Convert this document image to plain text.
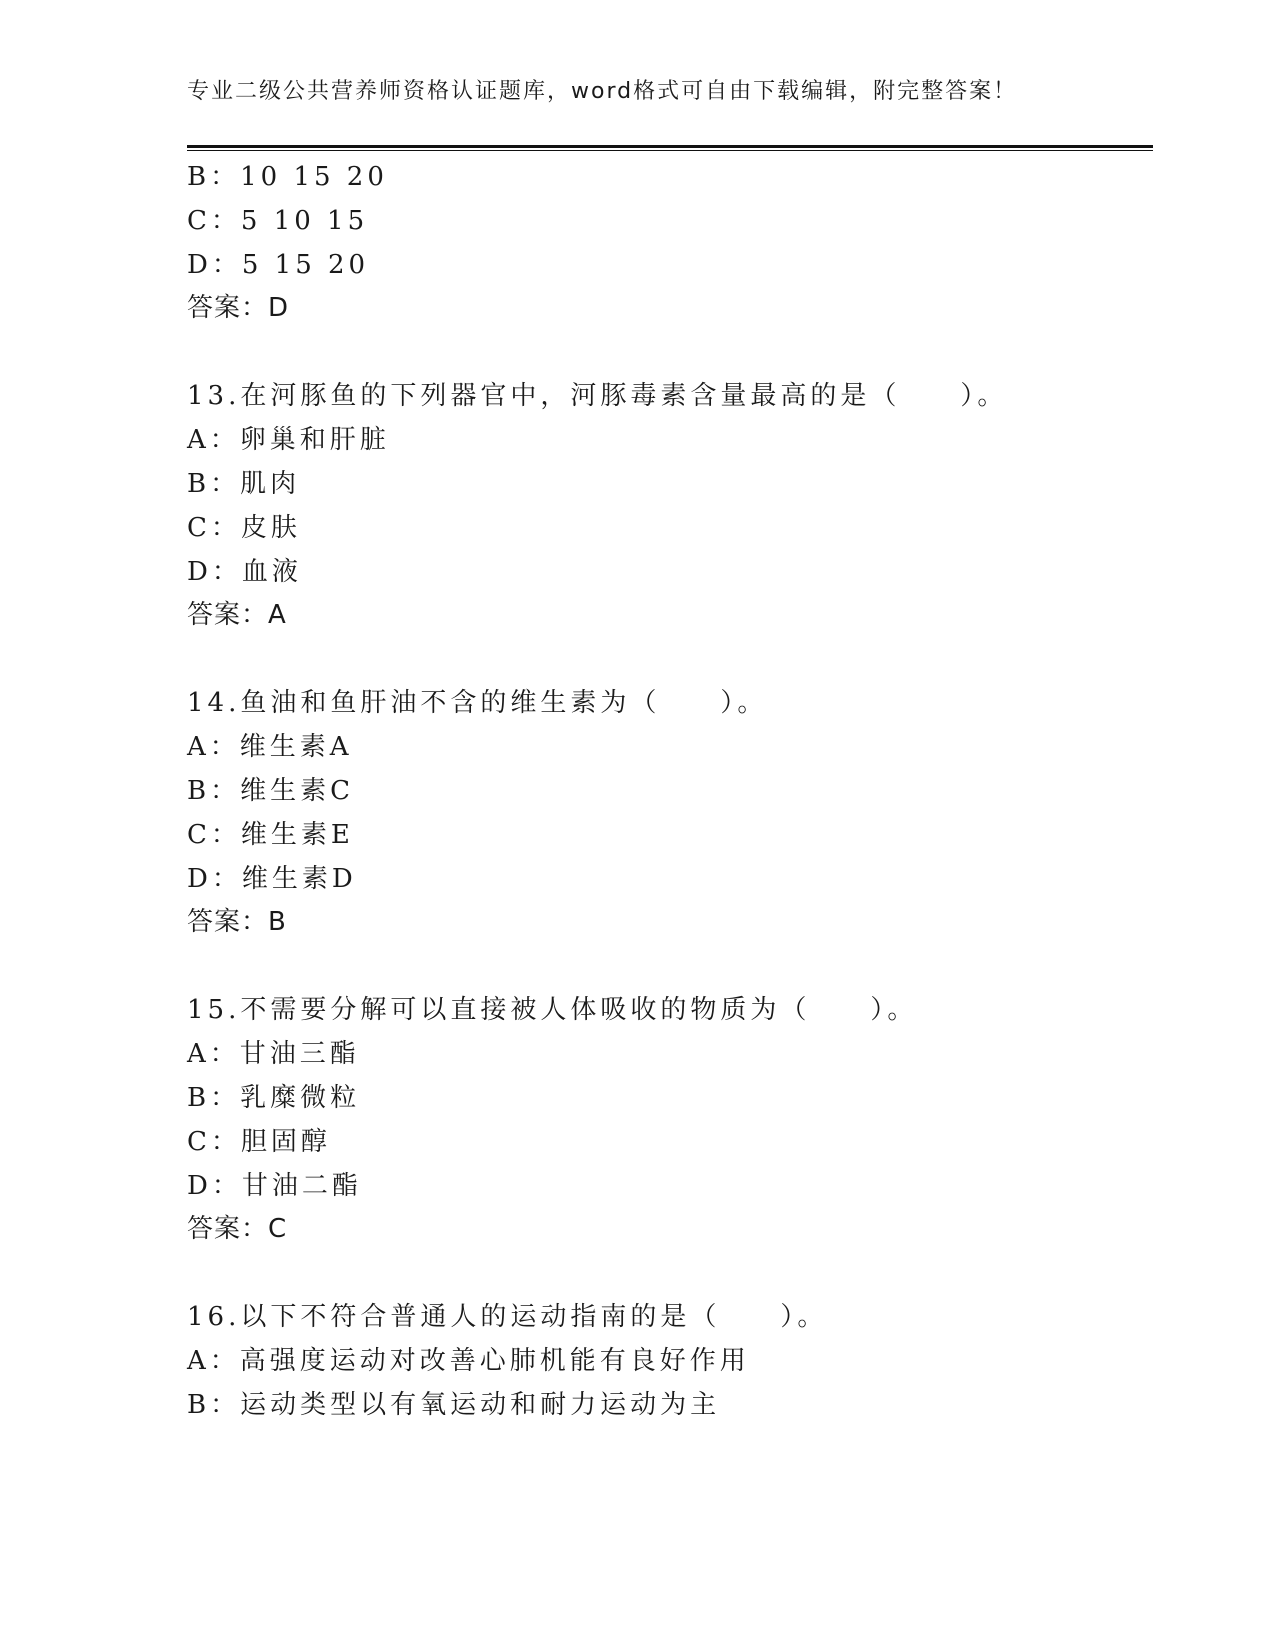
专业二级公共营养师资格认证题库，word格式可自由下载编辑，附完整答案！
B：10 15 20
C：5 10 15
D：5 15 20
答案：D
13.在河豚鱼的下列器官中，河豚毒素含量最高的是（　　）。
A：卵巢和肝脏
B：肌肉
C：皮肤
D：血液
答案：A
14.鱼油和鱼肝油不含的维生素为（　　）。
A：维生素A
B：维生素C
C：维生素E
D：维生素D
答案：B
15.不需要分解可以直接被人体吸收的物质为（　　）。
A：甘油三酯
B：乳糜微粒
C：胆固醇
D：甘油二酯
答案：C
16.以下不符合普通人的运动指南的是（　　）。
A：高强度运动对改善心肺机能有良好作用
B：运动类型以有氧运动和耐力运动为主
